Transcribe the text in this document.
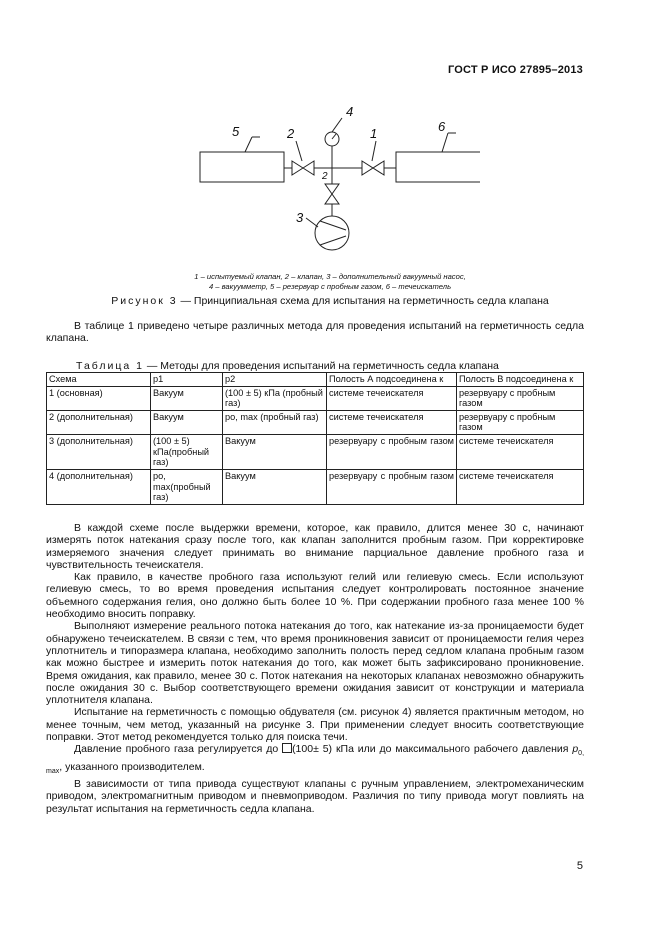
ГОСТ Р ИСО 27895–2013
5	2
4
1	6
2
3
1 – испытуемый клапан, 2 – клапан, 3 – дополнительный вакуумный насос,
4 – вакуумметр, 5 – резервуар с пробным газом, 6 – течеискатель
Рисунок 3 — Принципиальная схема для испытания на герметичность седла клапана

В таблице 1 приведено четыре различных метода для проведения испытаний на герметичность седла клапана.

Таблица 1 — Методы для проведения испытаний на герметичность седла клапана
Схема	p1	p2	Полость А подсоединена к	Полость В подсоединена к
1 (основная)	Вакуум	(100 ± 5) кПа (пробный газ)	системе течеискателя	резервуару с пробным газом
2 (дополнительная)	Вакуум	po, max (пробный газ)	системе течеискателя	резервуару с пробным газом
3 (дополнительная)	(100 ± 5) кПа(пробный газ)	Вакуум	резервуару с пробным газом	системе течеискателя
4 (дополнительная)	po, max(пробный газ)	Вакуум	резервуару с пробным газом	системе течеискателя

В каждой схеме после выдержки времени, которое, как правило, длится менее 30 с, начинают измерять поток натекания сразу после того, как клапан заполнится пробным газом. При корректировке измеряемого значения следует принимать во внимание парциальное давление пробного газа и чувствительность течеискателя.

Как правило, в качестве пробного газа используют гелий или гелиевую смесь. Если используют гелиевую смесь, то во время проведения испытания следует контролировать постоянное значение объемного содержания гелия, оно должно быть более 10 %. При содержании пробного газа менее 100 % необходимо вносить поправку.

Выполняют измерение реального потока натекания до того, как натекание из-за проницаемости будет обнаружено течеискателем. В связи с тем, что время проникновения зависит от проницаемости гелия через уплотнитель и типоразмера клапана, необходимо заполнить полость перед седлом клапана пробным газом как можно быстрее и измерить поток натекания до того, как может быть зафиксировано проникновение. Время ожидания, как правило, менее 30 с. Поток натекания на некоторых клапанах невозможно обнаружить после ожидания 30 с. Выбор соответствующего времени ожидания зависит от конструкции и материала уплотнителя клапана.

Испытание на герметичность с помощью обдувателя (см. рисунок 4) является практичным методом, но менее точным, чем метод, указанный на рисунке 3. При применении следует вносить соответствующие поправки. Этот метод рекомендуется только для поиска течи.

Давление пробного газа регулируется до (100± 5) кПа или до максимального рабочего давления $p_{0, max}$, указанного производителем.

В зависимости от типа привода существуют клапаны с ручным управлением, электромеханическим приводом, электромагнитным приводом и пневмоприводом. Различия по типу привода могут повлиять на результат испытания на герметичность седла клапана.

5
